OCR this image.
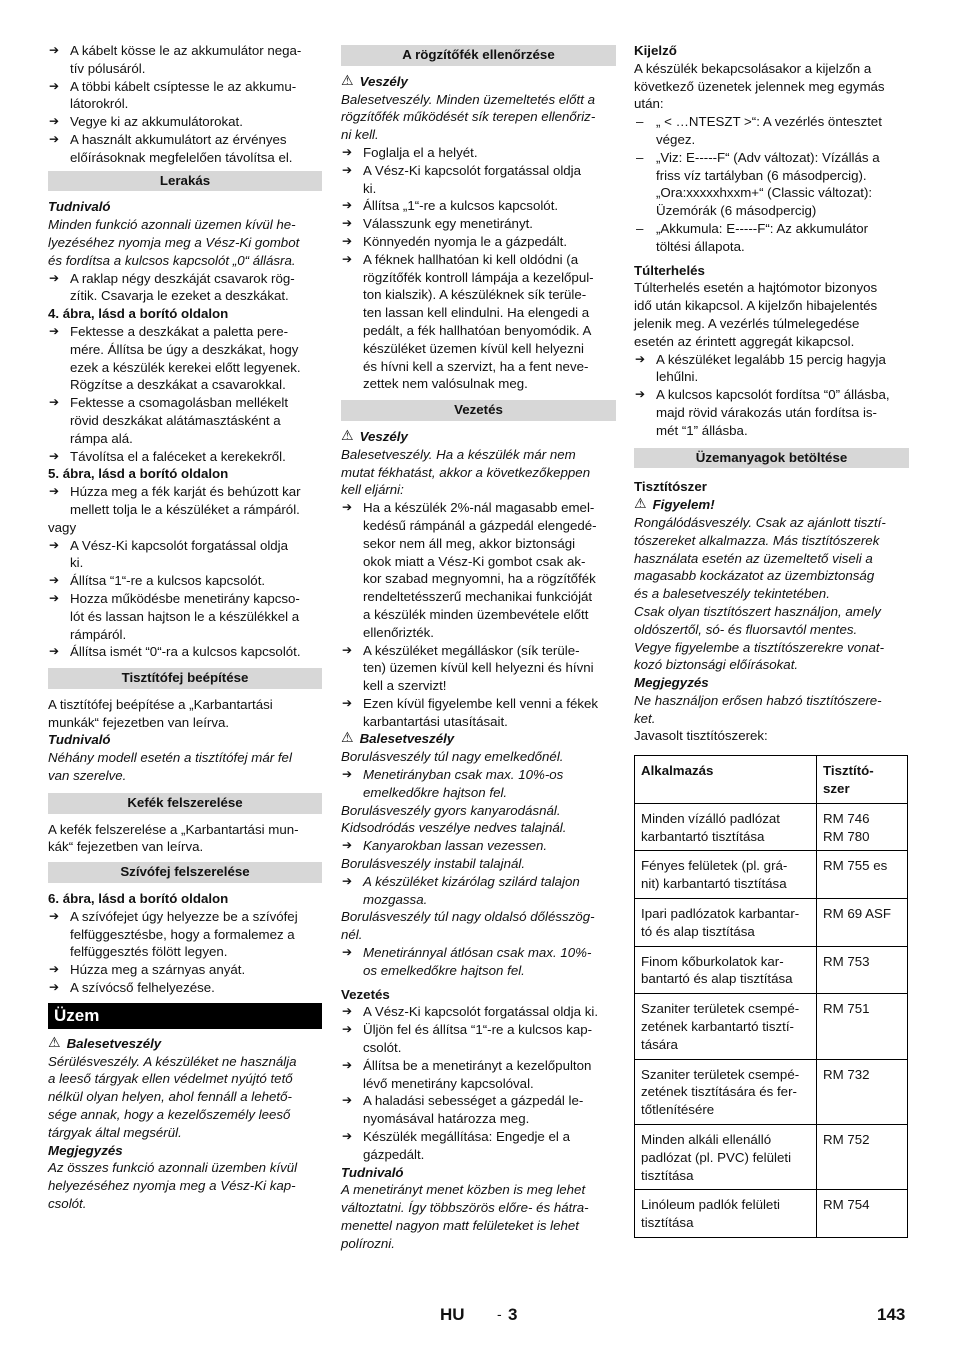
➔ A kábelt kösse le az akkumulátor nega-
tív pólusáról.
➔ A többi kábelt csíptesse le az akkumu-
látorokról.
➔ Vegye ki az akkumulátorokat.
➔ A használt akkumulátort az érvényes
előírásoknak megfelelően távolítsa el.
Lerakás
Tudnivaló
Minden funkció azonnali üzemen kívül he-
lyezéséhez nyomja meg a Vész-Ki gombot
és fordítsa a kulcsos kapcsolót „0“ állásra.
➔ A raklap négy deszkáját csavarok rög-
zítik. Csavarja le ezeket a deszkákat.
4. ábra, lásd a borító oldalon
➔ Fektesse a deszkákat a paletta pere-
mére. Állítsa be úgy a deszkákat, hogy
ezek a készülék kerekei előtt legyenek.
Rögzítse a deszkákat a csavarokkal.
➔ Fektesse a csomagolásban mellékelt
rövid deszkákat alátámasztásként a
rámpa alá.
➔ Távolítsa el a faléceket a kerekekről.
5. ábra, lásd a borító oldalon
➔ Húzza meg a fék karját és behúzott kar
mellett tolja le a készüléket a rámpáról.
vagy
➔ A Vész-Ki kapcsolót forgatással oldja
ki.
➔ Állítsa “1“-re a kulcsos kapcsolót.
➔ Hozza működésbe menetirány kapcso-
lót és lassan hajtson le a készülékkel a
rámpáról.
➔ Állítsa ismét “0“-ra a kulcsos kapcsolót.
Tisztítófej beépítése
A tisztítófej beépítése a „Karbantartási
munkák“ fejezetben van leírva.
Tudnivaló
Néhány modell esetén a tisztítófej már fel
van szerelve.
Kefék felszerelése
A kefék felszerelése a „Karbantartási mun-
kák“ fejezetben van leírva.
Szívófej felszerelése
6. ábra, lásd a borító oldalon
➔ A szívófejet úgy helyezze be a szívófej
felfüggesztésbe, hogy a formalemez a
felfüggesztés fölött legyen.
➔ Húzza meg a szárnyas anyát.
➔ A szívócső felhelyezése.
Üzem
⚠ Balesetveszély
Sérülésveszély. A készüléket ne használja
a leeső tárgyak ellen védelmet nyújtó tető
nélkül olyan helyen, ahol fennáll a lehető-
sége annak, hogy a kezelőszemély leeső
tárgyak által megsérül.
Megjegyzés
Az összes funkció azonnali üzemben kívül
helyezéséhez nyomja meg a Vész-Ki kap-
csolót.
A rögzítőfék ellenőrzése
⚠ Veszély
Balesetveszély. Minden üzemeltetés előtt a
rögzítőfék működését sík terepen ellenőriz-
ni kell.
➔ Foglalja el a helyét.
➔ A Vész-Ki kapcsolót forgatással oldja
ki.
➔ Állítsa „1“-re a kulcsos kapcsolót.
➔ Válasszunk egy menetirányt.
➔ Könnyedén nyomja le a gázpedált.
➔ A féknek hallhatóan ki kell oldódni (a
rögzítőfék kontroll lámpája a kezelőpul-
ton kialszik). A készüléknek sík terüle-
ten lassan kell elindulni. Ha elengedi a
pedált, a fék hallhatóan benyomódik. A
készüléket üzemen kívül kell helyezni
és hívni kell a szervizt, ha a fent neve-
zettek nem valósulnak meg.
Vezetés
⚠ Veszély
Balesetveszély. Ha a készülék már nem
mutat fékhatást, akkor a következőkeppen
kell eljárni:
➔ Ha a készülék 2%-nál magasabb emel-
kedésű rámpánál a gázpedál elengedé-
sekor nem áll meg, akkor biztonsági
okok miatt a Vész-Ki gombot csak ak-
kor szabad megnyomni, ha a rögzítőfék
rendeltetésszerű mechanikai funkcióját
a készülék minden üzembevétele előtt
ellenőrizték.
➔ A készüléket megálláskor (sík terüle-
ten) üzemen kívül kell helyezni és hívni
kell a szervizt!
➔ Ezen kívül figyelembe kell venni a fékek
karbantartási utasításait.
⚠ Balesetveszély
Borulásveszély túl nagy emelkedőnél.
➔ Menetirányban csak max. 10%-os
emelkedőkre hajtson fel.
Borulásveszély gyors kanyarodásnál.
Kidsodródás veszélye nedves talajnál.
➔ Kanyarokban lassan vezessen.
Borulásveszély instabil talajnál.
➔ A készüléket kizárólag szilárd talajon
mozgassa.
Borulásveszély túl nagy oldalsó dőlésszög-
nél.
➔ Menetiránnyal átlósan csak max. 10%-
os emelkedőkre hajtson fel.
Vezetés
➔ A Vész-Ki kapcsolót forgatással oldja ki.
➔ Üljön fel és állítsa “1“-re a kulcsos kap-
csolót.
➔ Állítsa be a menetirányt a kezelőpulton
lévő menetirány kapcsolóval.
➔ A haladási sebességet a gázpedál le-
nyomásával határozza meg.
➔ Készülék megállítása: Engedje el a
gázpedált.
Tudnivaló
A menetirányt menet közben is meg lehet
változtatni. Így többszörös előre- és hátra-
menettel nagyon matt felületeket is lehet
polírozni.
Kijelző
A készülék bekapcsolásakor a kijelzőn a
következő üzenetek jelennek meg egymás
után:
– „ < …NTESZT >“: A vezérlés öntesztet
végez.
– „Viz: E-----F“ (Adv változat): Vízállás a
friss víz tartályban (6 másodpercig).
„Ora:xxxxxhxxm+“ (Classic változat):
Üzemórák (6 másodpercig)
– „Akkumula: E-----F“: Az akkumulátor
töltési állapota.
Túlterhelés
Túlterhelés esetén a hajtómotor bizonyos
idő után kikapcsol. A kijelzőn hibajelentés
jelenik meg. A vezérlés túlmelegedése
esetén az érintett aggregát kikapcsol.
➔ A készüléket legalább 15 percig hagyja
lehűlni.
➔ A kulcsos kapcsolót fordítsa “0” állásba,
majd rövid várakozás után fordítsa is-
mét “1” állásba.
Üzemanyagok betöltése
Tisztítószer
⚠ Figyelem!
Rongálódásveszély. Csak az ajánlott tisztí-
tószereket alkalmazza. Más tisztítószerek
használata esetén az üzemeltető viseli a
magasabb kockázatot az üzembiztonság
és a balesetveszély tekintetében.
Csak olyan tisztítószert használjon, amely
oldószertől, só- és fluorsavtól mentes.
Vegye figyelembe a tisztítószerekre vonat-
kozó biztonsági előírásokat.
Megjegyzés
Ne használjon erősen habzó tisztítószere-
ket.
Javasolt tisztítószerek:
Alkalmazás	Tisztító-
szer
Minden vízálló padlózat
karbantartó tisztítása	RM 746
RM 780
Fényes felületek (pl. grá-
nit) karbantartó tisztítása	RM 755 es
Ipari padlózatok karbantar-
tó és alap tisztítása	RM 69 ASF
Finom kőburkolatok kar-
bantartó és alap tisztítása	RM 753
Szaniter területek csempé-
zetének karbantartó tisztí-
tására	RM 751
Szaniter területek csempé-
zetének tisztítására és fer-
tőtlenítésére	RM 732
Minden alkáli ellenálló
padlózat (pl. PVC) felületi
tisztítása	RM 752
Linóleum padlók felületi
tisztítása	RM 754
HU - 3	143
